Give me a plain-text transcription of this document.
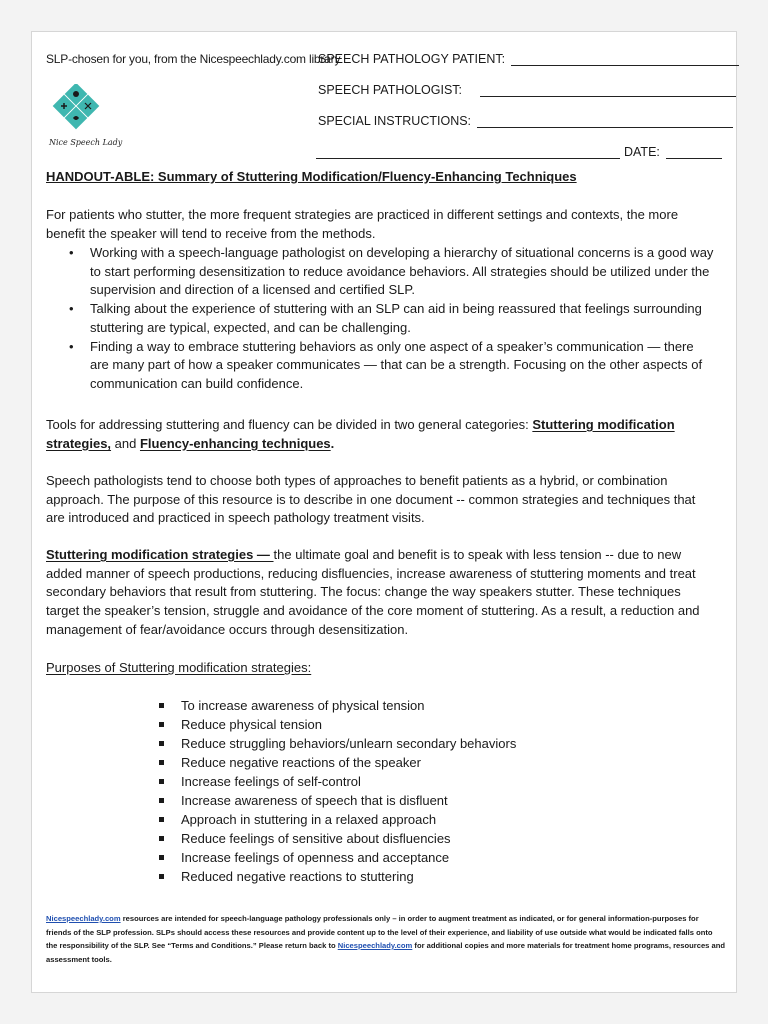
SLP-chosen for you, from the Nicespeechlady.com library
SPEECH PATHOLOGY PATIENT:
SPEECH PATHOLOGIST:
SPECIAL INSTRUCTIONS:
DATE:
Nice Speech Lady
HANDOUT-ABLE: Summary of Stuttering Modification/Fluency-Enhancing Techniques
For patients who stutter, the more frequent strategies are practiced in different settings and contexts, the more benefit the speaker will tend to receive from the methods.
• Working with a speech-language pathologist on developing a hierarchy of situational concerns is a good way to start performing desensitization to reduce avoidance behaviors. All strategies should be utilized under the supervision and direction of a licensed and certified SLP.
• Talking about the experience of stuttering with an SLP can aid in being reassured that feelings surrounding stuttering are typical, expected, and can be challenging.
• Finding a way to embrace stuttering behaviors as only one aspect of a speaker’s communication — there are many part of how a speaker communicates — that can be a strength. Focusing on the other aspects of communication can build confidence.
Tools for addressing stuttering and fluency can be divided in two general categories: Stuttering modification strategies, and Fluency-enhancing techniques.
Speech pathologists tend to choose both types of approaches to benefit patients as a hybrid, or combination approach. The purpose of this resource is to describe in one document -- common strategies and techniques that are introduced and practiced in speech pathology treatment visits.
Stuttering modification strategies — the ultimate goal and benefit is to speak with less tension -- due to new added manner of speech productions, reducing disfluencies, increase awareness of stuttering moments and treat secondary behaviors that result from stuttering. The focus: change the way speakers stutter. These techniques target the speaker’s tension, struggle and avoidance of the core moment of stuttering. As a result, a reduction and management of fear/avoidance occurs through desensitization.
Purposes of Stuttering modification strategies:
To increase awareness of physical tension
Reduce physical tension
Reduce struggling behaviors/unlearn secondary behaviors
Reduce negative reactions of the speaker
Increase feelings of self-control
Increase awareness of speech that is disfluent
Approach in stuttering in a relaxed approach
Reduce feelings of sensitive about disfluencies
Increase feelings of openness and acceptance
Reduced negative reactions to stuttering
Nicespeechlady.com resources are intended for speech-language pathology professionals only – in order to augment treatment as indicated, or for general information-purposes for friends of the SLP profession. SLPs should access these resources and provide content up to the level of their experience, and liability of use outside what would be indicated falls onto the responsibility of the SLP. See “Terms and Conditions.” Please return back to Nicespeechlady.com for additional copies and more materials for treatment home programs, resources and assessment tools.
